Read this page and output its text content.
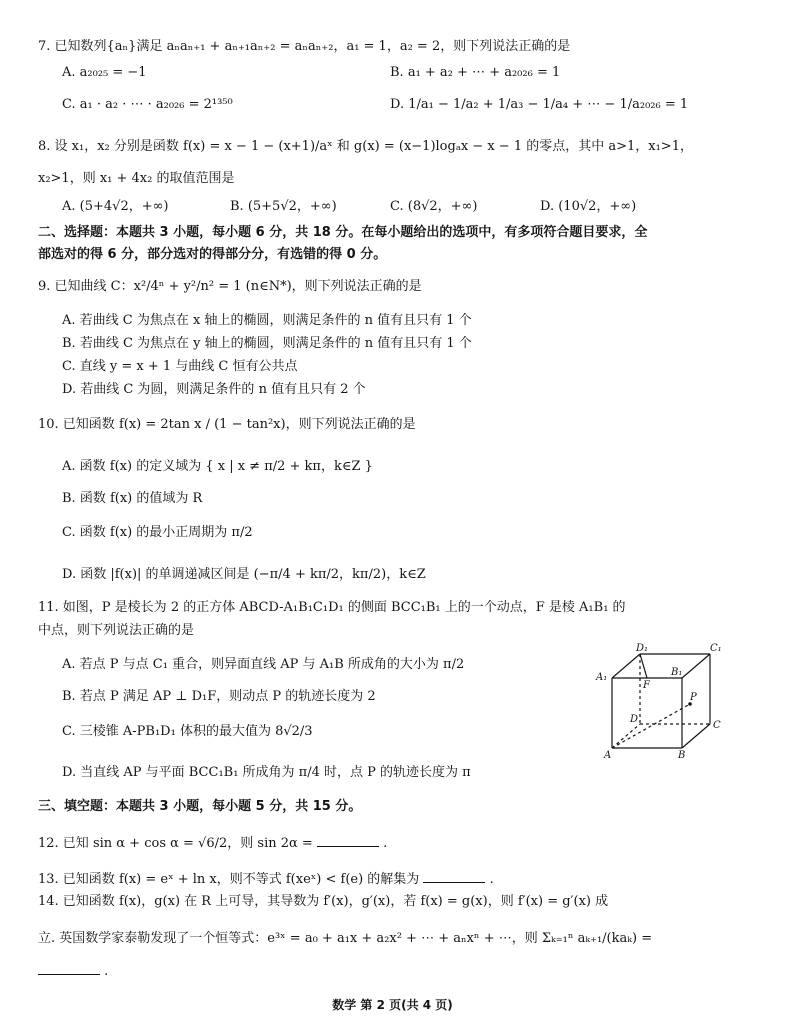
7. 已知数列{aₙ}满足 aₙaₙ₊₁ + aₙ₊₁aₙ₊₂ = aₙaₙ₊₂，a₁ = 1，a₂ = 2，则下列说法正确的是
A. a₂₀₂₅ = −1	B. a₁ + a₂ + ⋯ + a₂₀₂₆ = 1
C. a₁ · a₂ · ⋯ · a₂₀₂₆ = 2¹³⁵⁰	D. 1/a₁ − 1/a₂ + 1/a₃ − 1/a₄ + ⋯ − 1/a₂₀₂₆ = 1
8. 设 x₁，x₂ 分别是函数 f(x) = x − 1 − (x+1)/aˣ 和 g(x) = (x−1)logₐx − x − 1 的零点，其中 a>1，x₁>1，
x₂>1，则 x₁ + 4x₂ 的取值范围是
A. (5+4√2，+∞)	B. (5+5√2，+∞)	C. (8√2，+∞)	D. (10√2，+∞)
二、选择题：本题共 3 小题，每小题 6 分，共 18 分。在每小题给出的选项中，有多项符合题目要求，全
部选对的得 6 分，部分选对的得部分分，有选错的得 0 分。
9. 已知曲线 C：x²/4ⁿ + y²/n² = 1 (n∈N*)，则下列说法正确的是
A. 若曲线 C 为焦点在 x 轴上的椭圆，则满足条件的 n 值有且只有 1 个
B. 若曲线 C 为焦点在 y 轴上的椭圆，则满足条件的 n 值有且只有 1 个
C. 直线 y = x + 1 与曲线 C 恒有公共点
D. 若曲线 C 为圆，则满足条件的 n 值有且只有 2 个
10. 已知函数 f(x) = 2tan x / (1 − tan²x)，则下列说法正确的是
A. 函数 f(x) 的定义域为 { x | x ≠ π/2 + kπ，k∈Z }
B. 函数 f(x) 的值域为 R
C. 函数 f(x) 的最小正周期为 π/2
D. 函数 |f(x)| 的单调递减区间是 (−π/4 + kπ/2，kπ/2)，k∈Z
11. 如图，P 是棱长为 2 的正方体 ABCD-A₁B₁C₁D₁ 的侧面 BCC₁B₁ 上的一个动点，F 是棱 A₁B₁ 的
中点，则下列说法正确的是
A. 若点 P 与点 C₁ 重合，则异面直线 AP 与 A₁B 所成角的大小为 π/2
B. 若点 P 满足 AP ⊥ D₁F，则动点 P 的轨迹长度为 2
C. 三棱锥 A-PB₁D₁ 体积的最大值为 8√2/3
D. 当直线 AP 与平面 BCC₁B₁ 所成角为 π/4 时，点 P 的轨迹长度为 π
D₁	C₁
A₁	B₁
F
P
D
C
A	B
三、填空题：本题共 3 小题，每小题 5 分，共 15 分。
12. 已知 sin α + cos α = √6/2，则 sin 2α =	.
13. 已知函数 f(x) = eˣ + ln x，则不等式 f(xeˣ) < f(e) 的解集为	.
14. 已知函数 f(x)，g(x) 在 R 上可导，其导数为 f′(x)，g′(x)，若 f(x) = g(x)，则 f′(x) = g′(x) 成
立. 英国数学家泰勒发现了一个恒等式：e³ˣ = a₀ + a₁x + a₂x² + ⋯ + aₙxⁿ + ⋯，则 Σₖ₌₁ⁿ aₖ₊₁/(kaₖ) =
.
数学 第 2 页(共 4 页)
